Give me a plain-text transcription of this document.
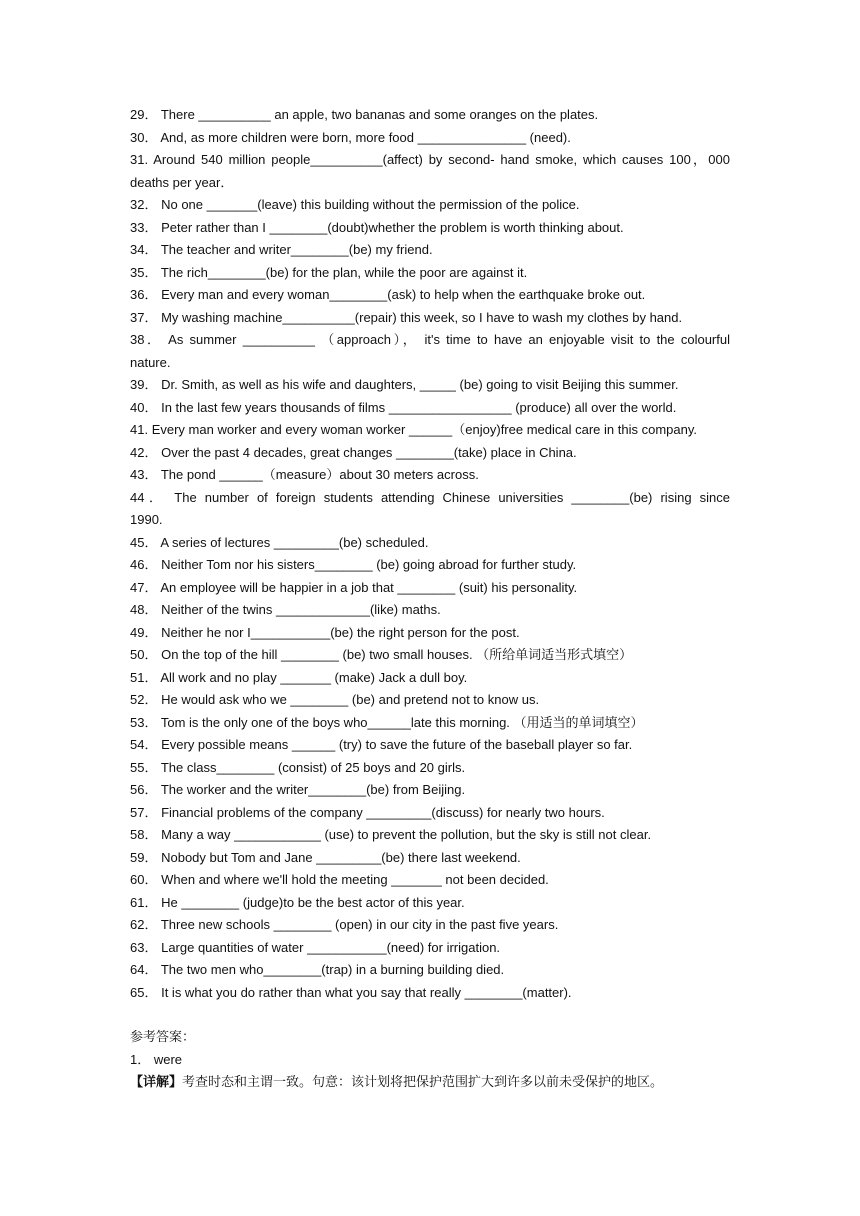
29． There __________ an apple, two bananas and some oranges on the plates.

30． And, as more children were born, more food _______________ (need).

31. Around 540 million people__________(affect) by second- hand smoke, which causes 100，000

deaths per year．

32． No one _______(leave) this building without the permission of the police.

33． Peter rather than I ________(doubt)whether the problem is worth thinking about.

34． The teacher and writer________(be) my friend.

35． The rich________(be) for the plan, while the poor are against it.

36． Every man and every woman________(ask) to help when the earthquake broke out.

37． My washing machine__________(repair) this week, so I have to wash my clothes by hand.

38． As summer __________ （approach）， it's time to have an enjoyable visit to the colourful

nature.

39． Dr. Smith, as well as his wife and daughters, _____ (be) going to visit Beijing this summer.

40． In the last few years thousands of films _________________ (produce) all over the world.

41. Every man worker and every woman worker ______（enjoy)free medical care in this company.

42． Over the past 4 decades, great changes ________(take) place in China.

43． The pond ______（measure）about 30 meters across.

44． The number of foreign students attending Chinese universities ________(be) rising since

1990.

45． A series of lectures _________(be) scheduled.

46． Neither Tom nor his sisters________ (be) going abroad for further study.

47． An employee will be happier in a job that ________ (suit) his personality.

48． Neither of the twins _____________(like) maths.

49． Neither he nor I___________(be) the right person for the post.

50． On the top of the hill ________ (be) two small houses. （所给单词适当形式填空）

51． All work and no play _______ (make) Jack a dull boy.

52． He would ask who we ________ (be) and pretend not to know us.

53． Tom is the only one of the boys who______late this morning. （用适当的单词填空）

54． Every possible means ______ (try) to save the future of the baseball player so far.

55． The class________ (consist) of 25 boys and 20 girls.

56． The worker and the writer________(be) from Beijing.

57． Financial problems of the company _________(discuss) for nearly two hours.

58． Many a way ____________ (use) to prevent the pollution, but the sky is still not clear.

59． Nobody but Tom and Jane _________(be) there last weekend.

60． When and where we'll hold the meeting _______ not been decided.

61． He ________ (judge)to be the best actor of this year.

62． Three new schools ________ (open) in our city in the past five years.

63． Large quantities of water ___________(need) for irrigation.

64． The two men who________(trap) in a burning building died.

65． It is what you do rather than what you say that really ________(matter).

参考答案：

1． were

【详解】考查时态和主谓一致。句意：该计划将把保护范围扩大到许多以前未受保护的地区。
